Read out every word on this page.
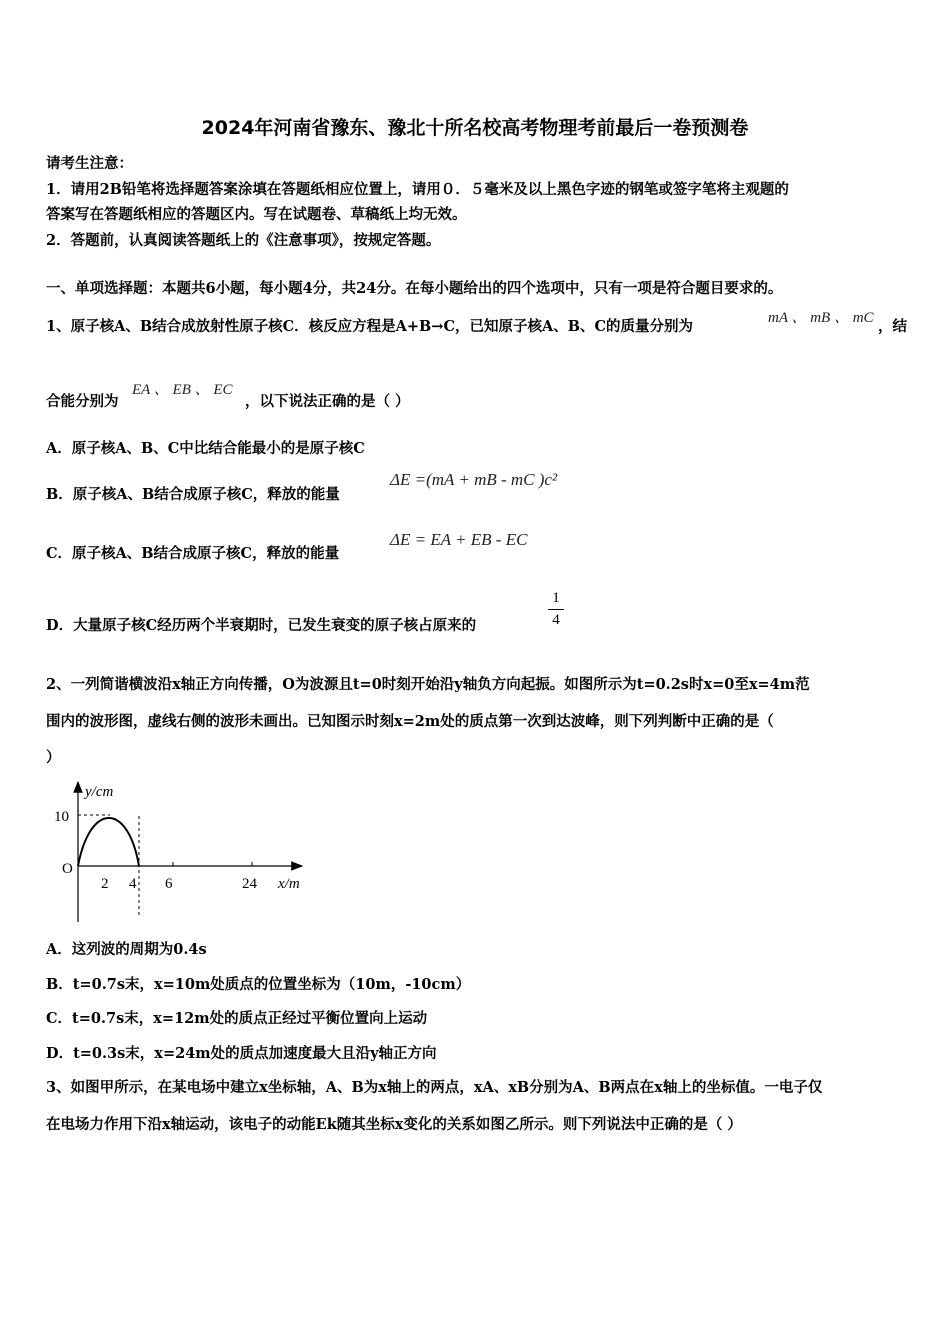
2024年河南省豫东、豫北十所名校高考物理考前最后一卷预测卷
请考生注意：
1．请用2B铅笔将选择题答案涂填在答题纸相应位置上，请用０．５毫米及以上黑色字迹的钢笔或签字笔将主观题的
答案写在答题纸相应的答题区内。写在试题卷、草稿纸上均无效。
2．答题前，认真阅读答题纸上的《注意事项》，按规定答题。
一、单项选择题：本题共6小题，每小题4分，共24分。在每小题给出的四个选项中，只有一项是符合题目要求的。
1、原子核A、B结合成放射性原子核C．核反应方程是A+B→C，已知原子核A、B、C的质量分别为	mA 、 mB 、 mC ，结
合能分别为
EA 、 EB 、 EC
，以下说法正确的是（ ）
A．原子核A、B、C中比结合能最小的是原子核C
B．原子核A、B结合成原子核C，释放的能量
ΔE =(mA + mB - mC )c²
C．原子核A、B结合成原子核C，释放的能量
ΔE = EA + EB - EC
D．大量原子核C经历两个半衰期时，已发生衰变的原子核占原来的
1
4
2、一列简谐横波沿x轴正方向传播，O为波源且t=0时刻开始沿y轴负方向起振。如图所示为t=0.2s时x=0至x=4m范
围内的波形图，虚线右侧的波形未画出。已知图示时刻x=2m处的质点第一次到达波峰，则下列判断中正确的是（
）
y/cm
10
O
2 4 6	24 x/m
A．这列波的周期为0.4s
B．t=0.7s末，x=10m处质点的位置坐标为（10m，-10cm）
C．t=0.7s末，x=12m处的质点正经过平衡位置向上运动
D．t=0.3s末，x=24m处的质点加速度最大且沿y轴正方向
3、如图甲所示，在某电场中建立x坐标轴，A、B为x轴上的两点，xA、xB分别为A、B两点在x轴上的坐标值。一电子仅
在电场力作用下沿x轴运动，该电子的动能Ek随其坐标x变化的关系如图乙所示。则下列说法中正确的是（ ）
